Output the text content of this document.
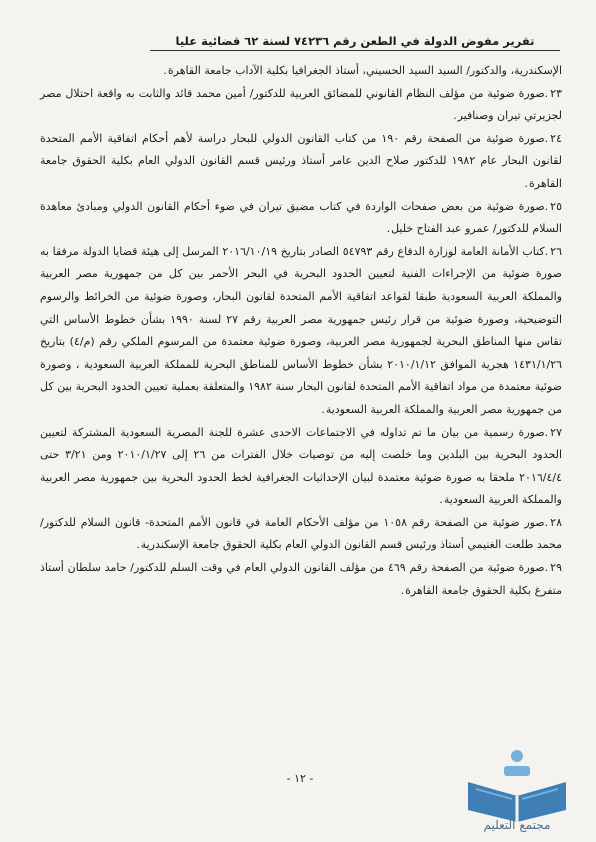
تقرير مفوض الدولة في الطعن رقم ٧٤٢٣٦ لسنة ٦٢ قضائية عليا

الإسكندرية، والدكتور/ السيد السيد الحسيني، أستاذ الجغرافيا بكلية الآداب جامعة القاهرة.

٢٣.صورة ضوئية من مؤلف النظام القانوني للمضائق العربية للدكتور/ أمين محمد قائد والثابت به واقعة احتلال مصر لجزيرتي تيران وصنافير.

٢٤.صورة ضوئية من الصفحة رقم ١٩٠ من كتاب القانون الدولي للبحار دراسة لأهم أحكام اتفاقية الأمم المتحدة لقانون البحار عام ١٩٨٢ للدكتور صلاح الدين عامر أستاذ ورئيس قسم القانون الدولي العام بكلية الحقوق جامعة القاهرة.

٢٥.صورة ضوئية من بعض صفحات الواردة في كتاب مضيق تيران في ضوء أحكام القانون الدولي ومبادئ معاهدة السلام للدكتور/ عمرو عبد الفتاح خليل.

٢٦.كتاب الأمانة العامة لوزارة الدفاع رقم ٥٤٧٩٣ الصادر بتاريخ ٢٠١٦/١٠/١٩ المرسل إلى هيئة قضايا الدولة مرفقا به صورة ضوئية من الإجراءات الفنية لتعيين الحدود البحرية في البحر الأحمر بين كل من جمهورية مصر العربية والمملكة العربية السعودية طبقا لقواعد اتفاقية الأمم المتحدة لقانون البحار، وصورة ضوئية من الخرائط والرسوم التوضيحية، وصورة ضوئية من قرار رئيس جمهورية مصر العربية رقم ٢٧ لسنة ١٩٩٠ بشأن خطوط الأساس التي تقاس منها المناطق البحرية لجمهورية مصر العربية، وصورة ضوئية معتمدة من المرسوم الملكي رقم (م/٤) بتاريخ ١٤٣١/١/٢٦ هجرية الموافق ٢٠١٠/١/١٢ بشأن خطوط الأساس للمناطق البحرية للمملكة العربية السعودية ، وصورة ضوئية معتمدة من مواد اتفاقية الأمم المتحدة لقانون البحار سنة ١٩٨٢ والمتعلقة بعملية تعيين الحدود البحرية بين كل من جمهورية مصر العربية والمملكة العربية السعودية.

٢٧.صورة رسمية من بيان ما تم تداوله في الاجتماعات الاحدى عشرة للجنة المصرية السعودية المشتركة لتعيين الحدود البحرية بين البلدين وما خلصت إليه من توصيات خلال الفترات من ٢٦ إلى ٢٠١٠/١/٢٧ ومن ٣/٢١ حتى ٢٠١٦/٤/٤ ملحقا به صورة ضوئية معتمدة لبيان الإحداثيات الجغرافية لخط الحدود البحرية بين جمهورية مصر العربية والمملكة العربية السعودية.

٢٨.صور ضوئية من الصفحة رقم ١٠٥٨ من مؤلف الأحكام العامة في قانون الأمم المتحدة- قانون السلام للدكتور/ محمد طلعت الغنيمي أستاذ ورئيس قسم القانون الدولي العام بكلية الحقوق جامعة الإسكندرية.

٢٩.صورة ضوئية من الصفحة رقم ٤٦٩ من مؤلف القانون الدولي العام في وقت السلم للدكتور/ حامد سلطان أستاذ متفرغ بكلية الحقوق جامعة القاهرة.

- ١٢ -
مجتمع التعليم
